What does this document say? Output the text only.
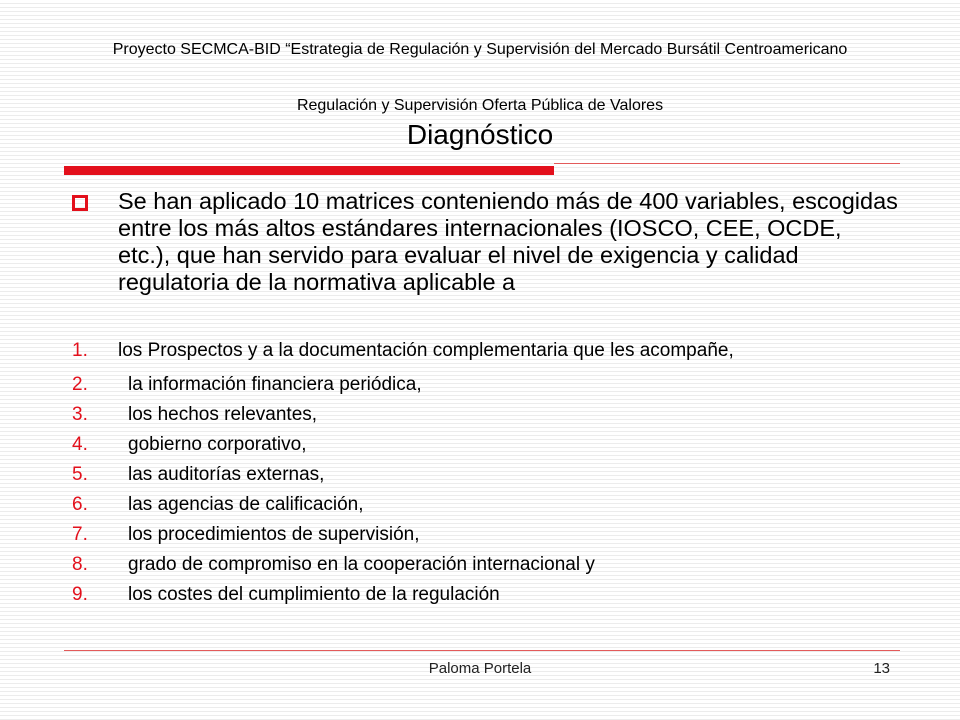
Proyecto SECMCA-BID “Estrategia de Regulación y Supervisión del Mercado Bursátil Centroamericano
Regulación y Supervisión Oferta Pública de Valores
Diagnóstico
Se han aplicado 10 matrices conteniendo más de 400 variables, escogidas entre los más altos estándares internacionales (IOSCO, CEE, OCDE, etc.), que han servido para evaluar el nivel de exigencia y calidad regulatoria de la normativa aplicable a
1.	los Prospectos y a la documentación complementaria que les acompañe,
2.	la información financiera periódica,
3.	los hechos relevantes,
4.	gobierno corporativo,
5.	las auditorías externas,
6.	las agencias de calificación,
7.	los procedimientos de supervisión,
8.	grado de compromiso en la cooperación internacional y
9.	los costes del cumplimiento de la regulación
Paloma Portela	13
